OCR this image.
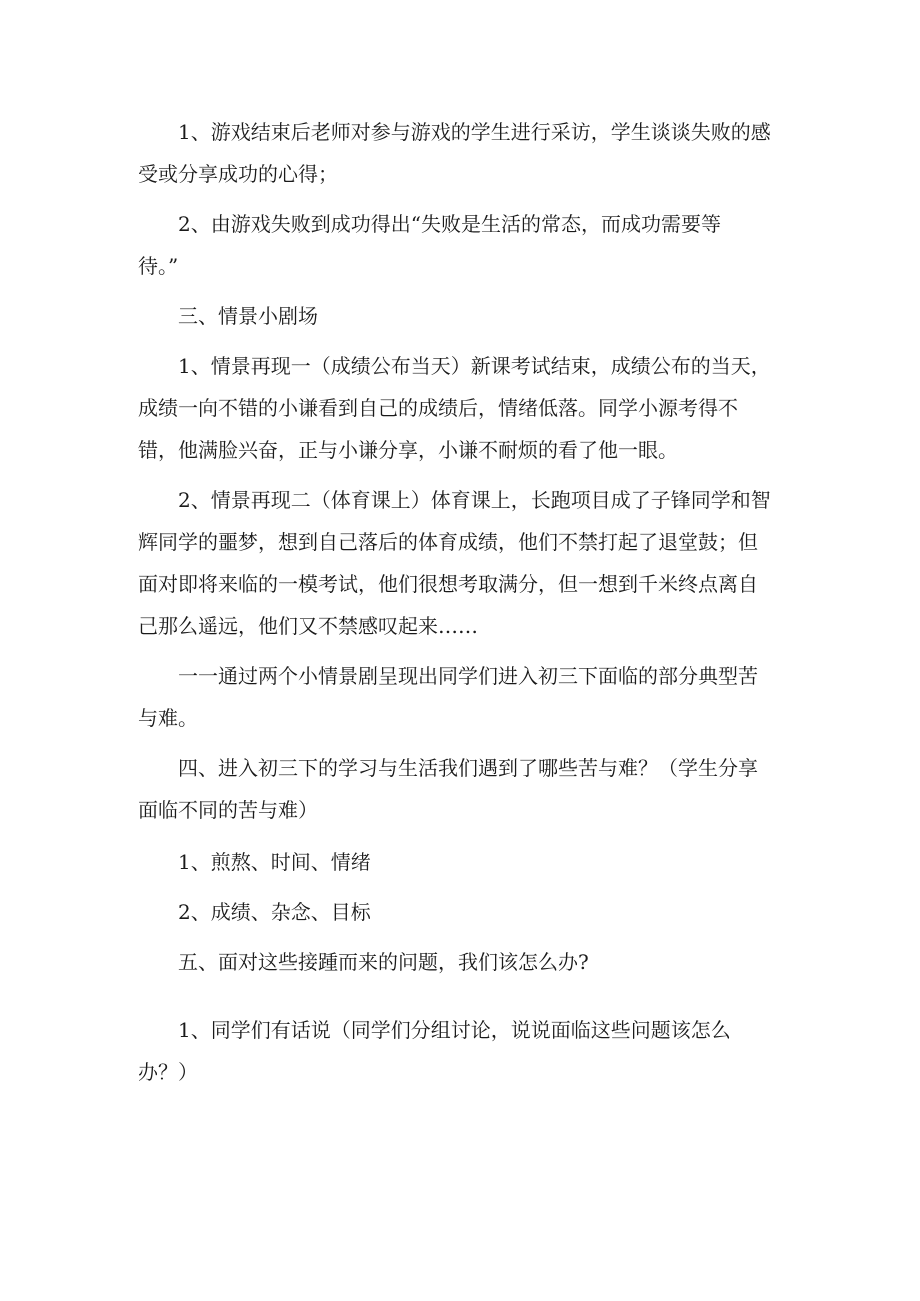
1、游戏结束后老师对参与游戏的学生进行采访，学生谈谈失败的感
受或分享成功的心得；

2、由游戏失败到成功得出“失败是生活的常态，而成功需要等
待。”

三、情景小剧场

1、情景再现一（成绩公布当天）新课考试结束，成绩公布的当天，
成绩一向不错的小谦看到自己的成绩后，情绪低落。同学小源考得不
错，他满脸兴奋，正与小谦分享，小谦不耐烦的看了他一眼。

2、情景再现二（体育课上）体育课上，长跑项目成了子锋同学和智
辉同学的噩梦，想到自己落后的体育成绩，他们不禁打起了退堂鼓；但
面对即将来临的一模考试，他们很想考取满分，但一想到千米终点离自
己那么遥远，他们又不禁感叹起来……

一一通过两个小情景剧呈现出同学们进入初三下面临的部分典型苦
与难。

四、进入初三下的学习与生活我们遇到了哪些苦与难？（学生分享
面临不同的苦与难）

1、煎熬、时间、情绪

2、成绩、杂念、目标

五、面对这些接踵而来的问题，我们该怎么办?

1、同学们有话说（同学们分组讨论，说说面临这些问题该怎么
办？）
